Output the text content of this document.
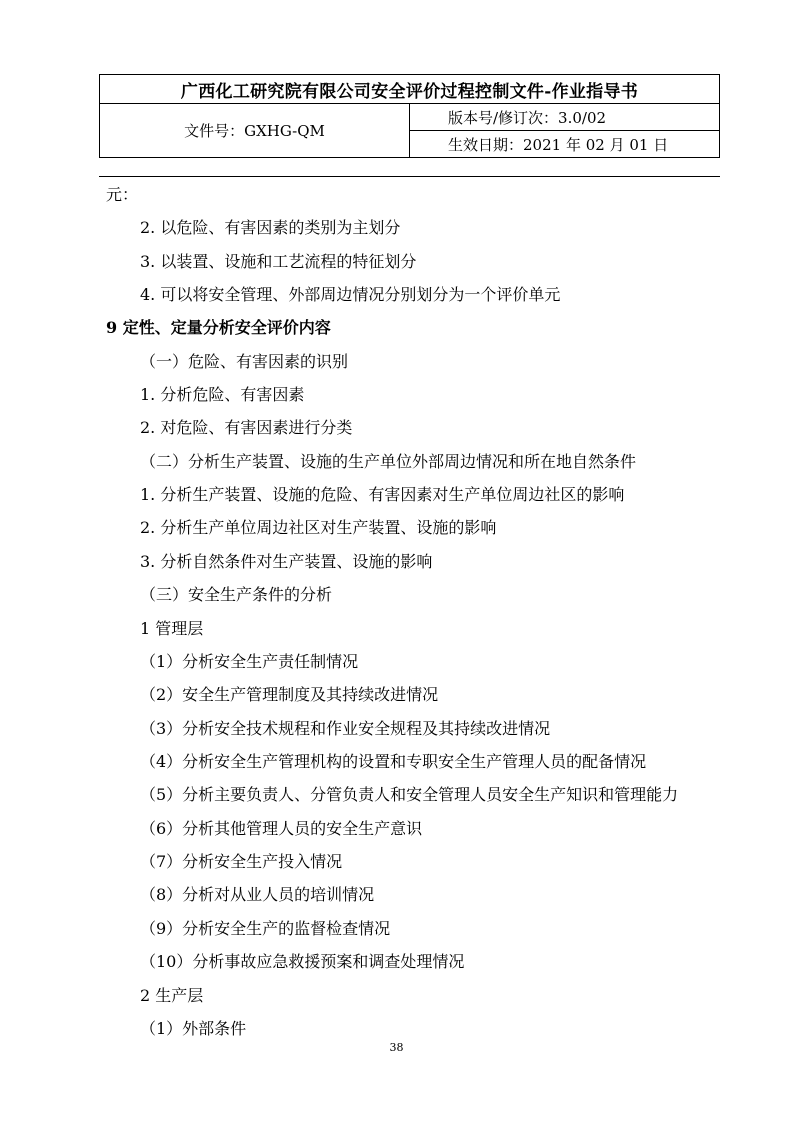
广西化工研究院有限公司安全评价过程控制文件-作业指导书
文件号：GXHG-QM	版本号/修订次：3.0/02
生效日期：2021 年 02 月 01 日
元：
2. 以危险、有害因素的类别为主划分
3. 以装置、设施和工艺流程的特征划分
4. 可以将安全管理、外部周边情况分别划分为一个评价单元
9 定性、定量分析安全评价内容
（一）危险、有害因素的识别
1. 分析危险、有害因素
2. 对危险、有害因素进行分类
（二）分析生产装置、设施的生产单位外部周边情况和所在地自然条件
1. 分析生产装置、设施的危险、有害因素对生产单位周边社区的影响
2. 分析生产单位周边社区对生产装置、设施的影响
3. 分析自然条件对生产装置、设施的影响
（三）安全生产条件的分析
1 管理层
（1）分析安全生产责任制情况
（2）安全生产管理制度及其持续改进情况
（3）分析安全技术规程和作业安全规程及其持续改进情况
（4）分析安全生产管理机构的设置和专职安全生产管理人员的配备情况
（5）分析主要负责人、分管负责人和安全管理人员安全生产知识和管理能力
（6）分析其他管理人员的安全生产意识
（7）分析安全生产投入情况
（8）分析对从业人员的培训情况
（9）分析安全生产的监督检查情况
（10）分析事故应急救援预案和调查处理情况
2 生产层
（1）外部条件
38
